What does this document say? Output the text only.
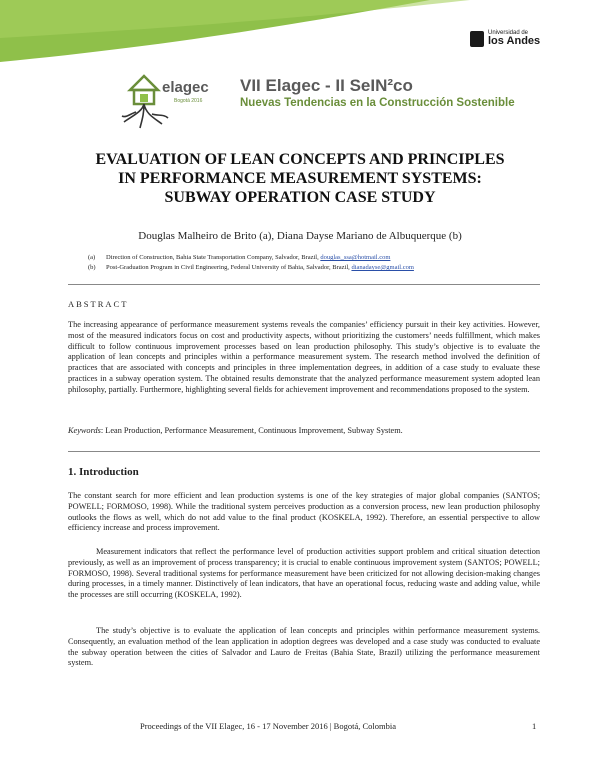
Universidad de
los Andes
elagec
Bogotá 2016
VII Elagec - II SeIN²co
Nuevas Tendencias en la Construcción Sostenible
EVALUATION OF LEAN CONCEPTS AND PRINCIPLES
IN PERFORMANCE MEASUREMENT SYSTEMS:
SUBWAY OPERATION CASE STUDY
Douglas Malheiro de Brito (a), Diana Dayse Mariano de Albuquerque (b)
(a)	Direction of Construction, Bahia State Transportation Company, Salvador, Brazil, douglas_ssa@hotmail.com
(b)	Post-Graduation Program in Civil Engineering, Federal University of Bahia, Salvador, Brazil, dianadayse@gmail.com
ABSTRACT

The increasing appearance of performance measurement systems reveals the companies’ efficiency pursuit in their key activities. However, most of the measured indicators focus on cost and productivity aspects, without prioritizing the customers’ needs fulfillment, which makes difficult to follow continuous improvement processes based on lean production philosophy. This study’s objective is to evaluate the application of lean concepts and principles within a performance measurement system. The research method involved the definition of practices that are associated with concepts and principles in three implementation degrees, in addition of a case study to evaluate these practices in a subway operation system. The obtained results demonstrate that the analyzed performance measurement system adopted lean philosophy, partially. Furthermore, highlighting several fields for achievement improvement and recommendations proposed to the system.

Keywords: Lean Production, Performance Measurement, Continuous Improvement, Subway System.
1. Introduction

The constant search for more efficient and lean production systems is one of the key strategies of major global companies (SANTOS; POWELL; FORMOSO, 1998). While the traditional system perceives production as a conversion process, new lean production philosophy outlooks the flows as well, which do not add value to the final product (KOSKELA, 1992). Therefore, an essential perspective to allow efficiency increase and process improvement.

Measurement indicators that reflect the performance level of production activities support problem and critical situation detection previously, as well as an improvement of process transparency; it is crucial to enable continuous improvement system (SANTOS; POWELL; FORMOSO, 1998). Several traditional systems for performance measurement have been criticized for not allowing decision-making changes during processes, in a timely manner. Distinctively of lean indicators, that have an operational focus, reducing waste and adding value, while the processes are still occurring (KOSKELA, 1992).

The study’s objective is to evaluate the application of lean concepts and principles within performance measurement systems. Consequently, an evaluation method of the lean application in adoption degrees was developed and a case study was conducted to evaluate the subway operation between the cities of Salvador and Lauro de Freitas (Bahia State, Brazil) utilizing the performance measurement system.

Proceedings of the VII Elagec, 16 - 17 November 2016 | Bogotá, Colombia	1
